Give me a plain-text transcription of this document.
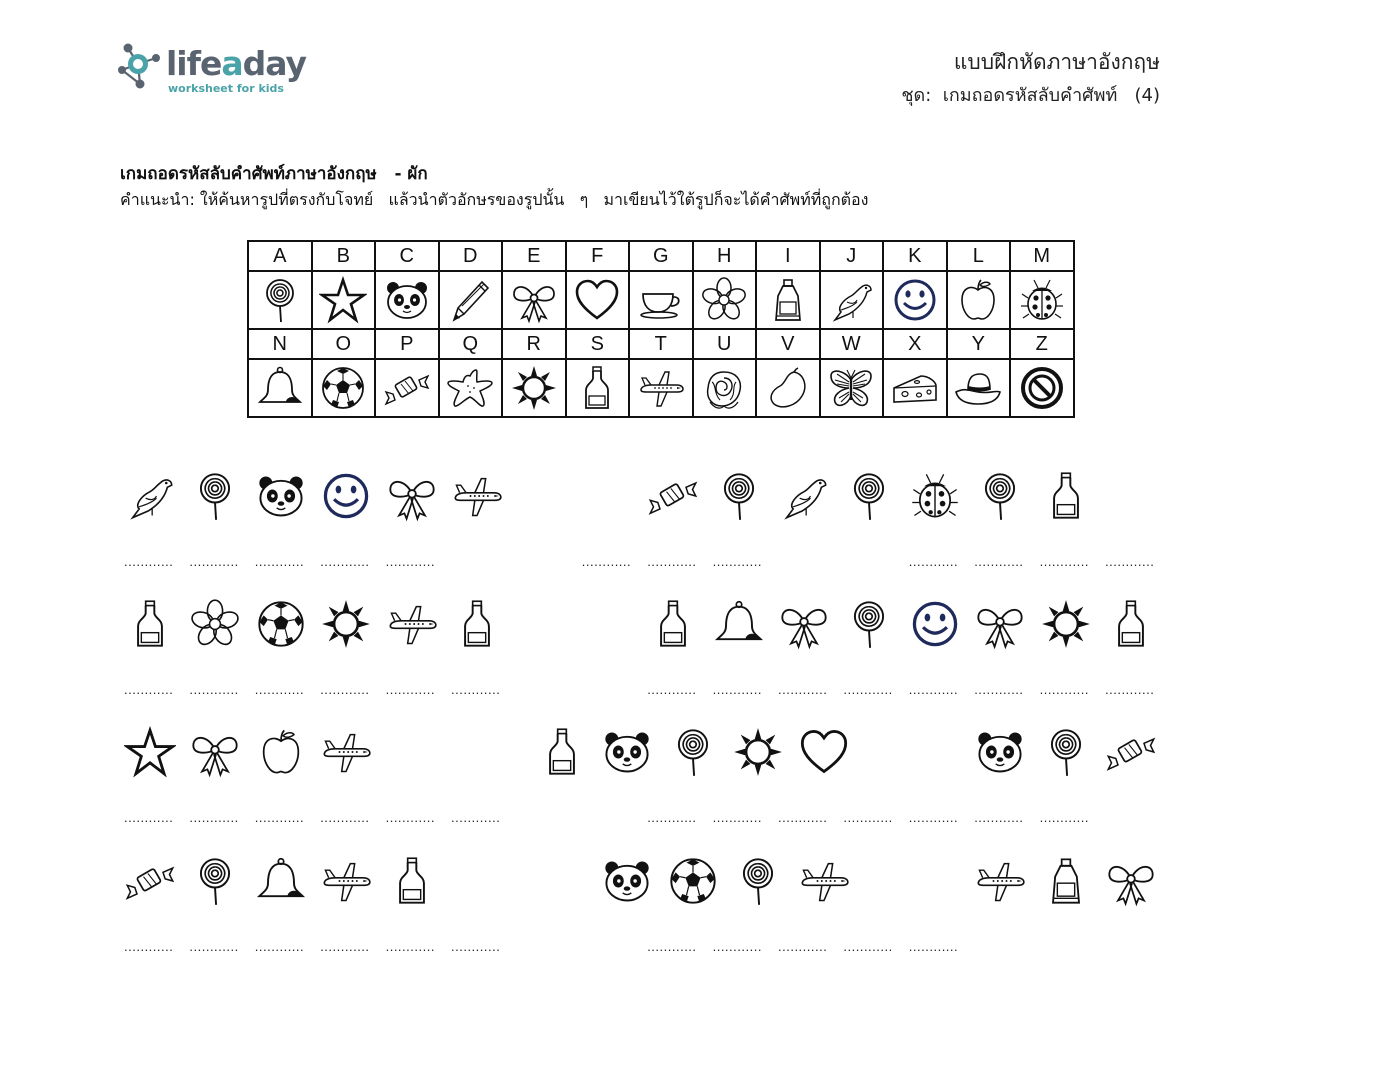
lifeaday
worksheet for kids
แบบฝึกหัดภาษาอังกฤษ
ชุด:  เกมถอดรหัสลับคำศัพท์   (4)
เกมถอดรหัสลับคำศัพท์ภาษาอังกฤษ   - ผัก
คำแนะนำ: ให้ค้นหารูปที่ตรงกับโจทย์   แล้วนำตัวอักษรของรูปนั้น   ๆ   มาเขียนไว้ใต้รูปก็จะได้คำศัพท์ที่ถูกต้อง
A	B	C	D	E	F	G	H	I	J	K	L	M

N	O	P	Q	R	S	T	U	V	W	X	Y	Z

............ ............ ............ ............ ............	............ ............ ............	............ ............ ............ ............
............ ............ ............ ............ ............ ............	............ ............ ............ ............ ............ ............ ............ ............
............ ............ ............ ............ ............ ............	............ ............ ............ ............ ............ ............ ............
............ ............ ............ ............ ............ ............	............ ............ ............ ............ ............
